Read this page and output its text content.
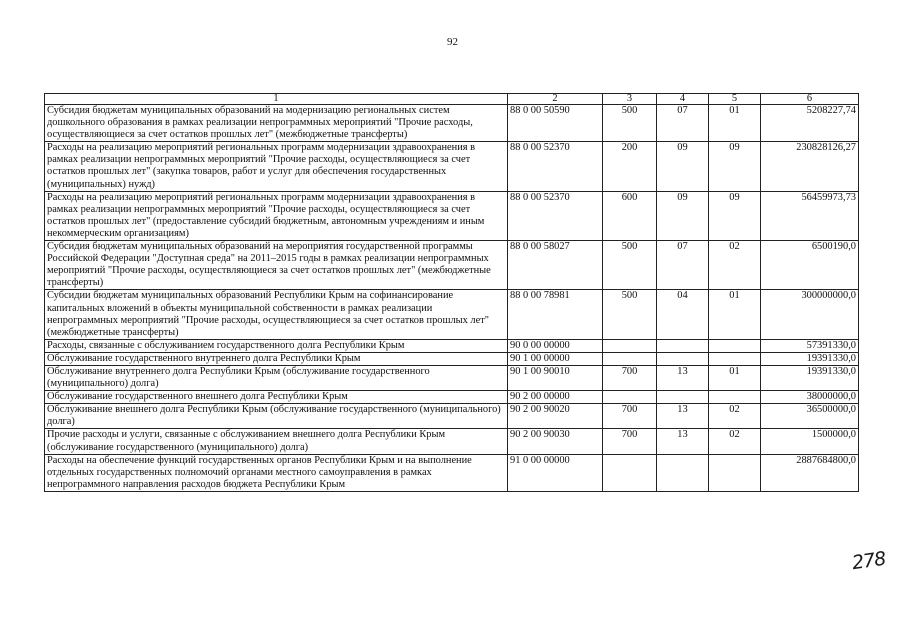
92
1	2	3	4	5	6
Субсидия бюджетам муниципальных образований на модернизацию региональных систем дошкольного образования в рамках реализации непрограммных мероприятий "Прочие расходы, осуществляющиеся за счет остатков прошлых лет" (межбюджетные трансферты)	88 0 00 50590	500	07	01	5208227,74
Расходы на реализацию мероприятий региональных программ модернизации здравоохранения в рамках реализации непрограммных мероприятий "Прочие расходы, осуществляющиеся за счет остатков прошлых лет" (закупка товаров, работ и услуг для обеспечения государственных (муниципальных) нужд)	88 0 00 52370	200	09	09	230828126,27
Расходы на реализацию мероприятий региональных программ модернизации здравоохранения в рамках реализации непрограммных мероприятий "Прочие расходы, осуществляющиеся за счет остатков прошлых лет" (предоставление субсидий бюджетным, автономным учреждениям и иным некоммерческим организациям)	88 0 00 52370	600	09	09	56459973,73
Субсидия бюджетам муниципальных образований на мероприятия государственной программы Российской Федерации "Доступная среда" на 2011–2015 годы в рамках реализации непрограммных мероприятий "Прочие расходы, осуществляющиеся за счет остатков прошлых лет" (межбюджетные трансферты)	88 0 00 58027	500	07	02	6500190,0
Субсидии бюджетам муниципальных образований Республики Крым на софинансирование капитальных вложений в объекты муниципальной собственности в рамках реализации непрограммных мероприятий "Прочие расходы, осуществляющиеся за счет остатков прошлых лет" (межбюджетные трансферты)	88 0 00 78981	500	04	01	300000000,0
Расходы, связанные с обслуживанием государственного долга Республики Крым	90 0 00 00000				57391330,0
Обслуживание государственного внутреннего долга Республики Крым	90 1 00 00000				19391330,0
Обслуживание внутреннего долга Республики Крым (обслуживание государственного (муниципального) долга)	90 1 00 90010	700	13	01	19391330,0
Обслуживание государственного внешнего долга Республики Крым	90 2 00 00000				38000000,0
Обслуживание внешнего долга Республики Крым (обслуживание государственного (муниципального) долга)	90 2 00 90020	700	13	02	36500000,0
Прочие расходы и услуги, связанные с обслуживанием внешнего долга Республики Крым (обслуживание государственного (муниципального) долга)	90 2 00 90030	700	13	02	1500000,0
Расходы на обеспечение функций государственных органов Республики Крым и на выполнение отдельных государственных полномочий органами местного самоуправления в рамках непрограммного направления расходов бюджета Республики Крым	91 0 00 00000				2887684800,0
278
